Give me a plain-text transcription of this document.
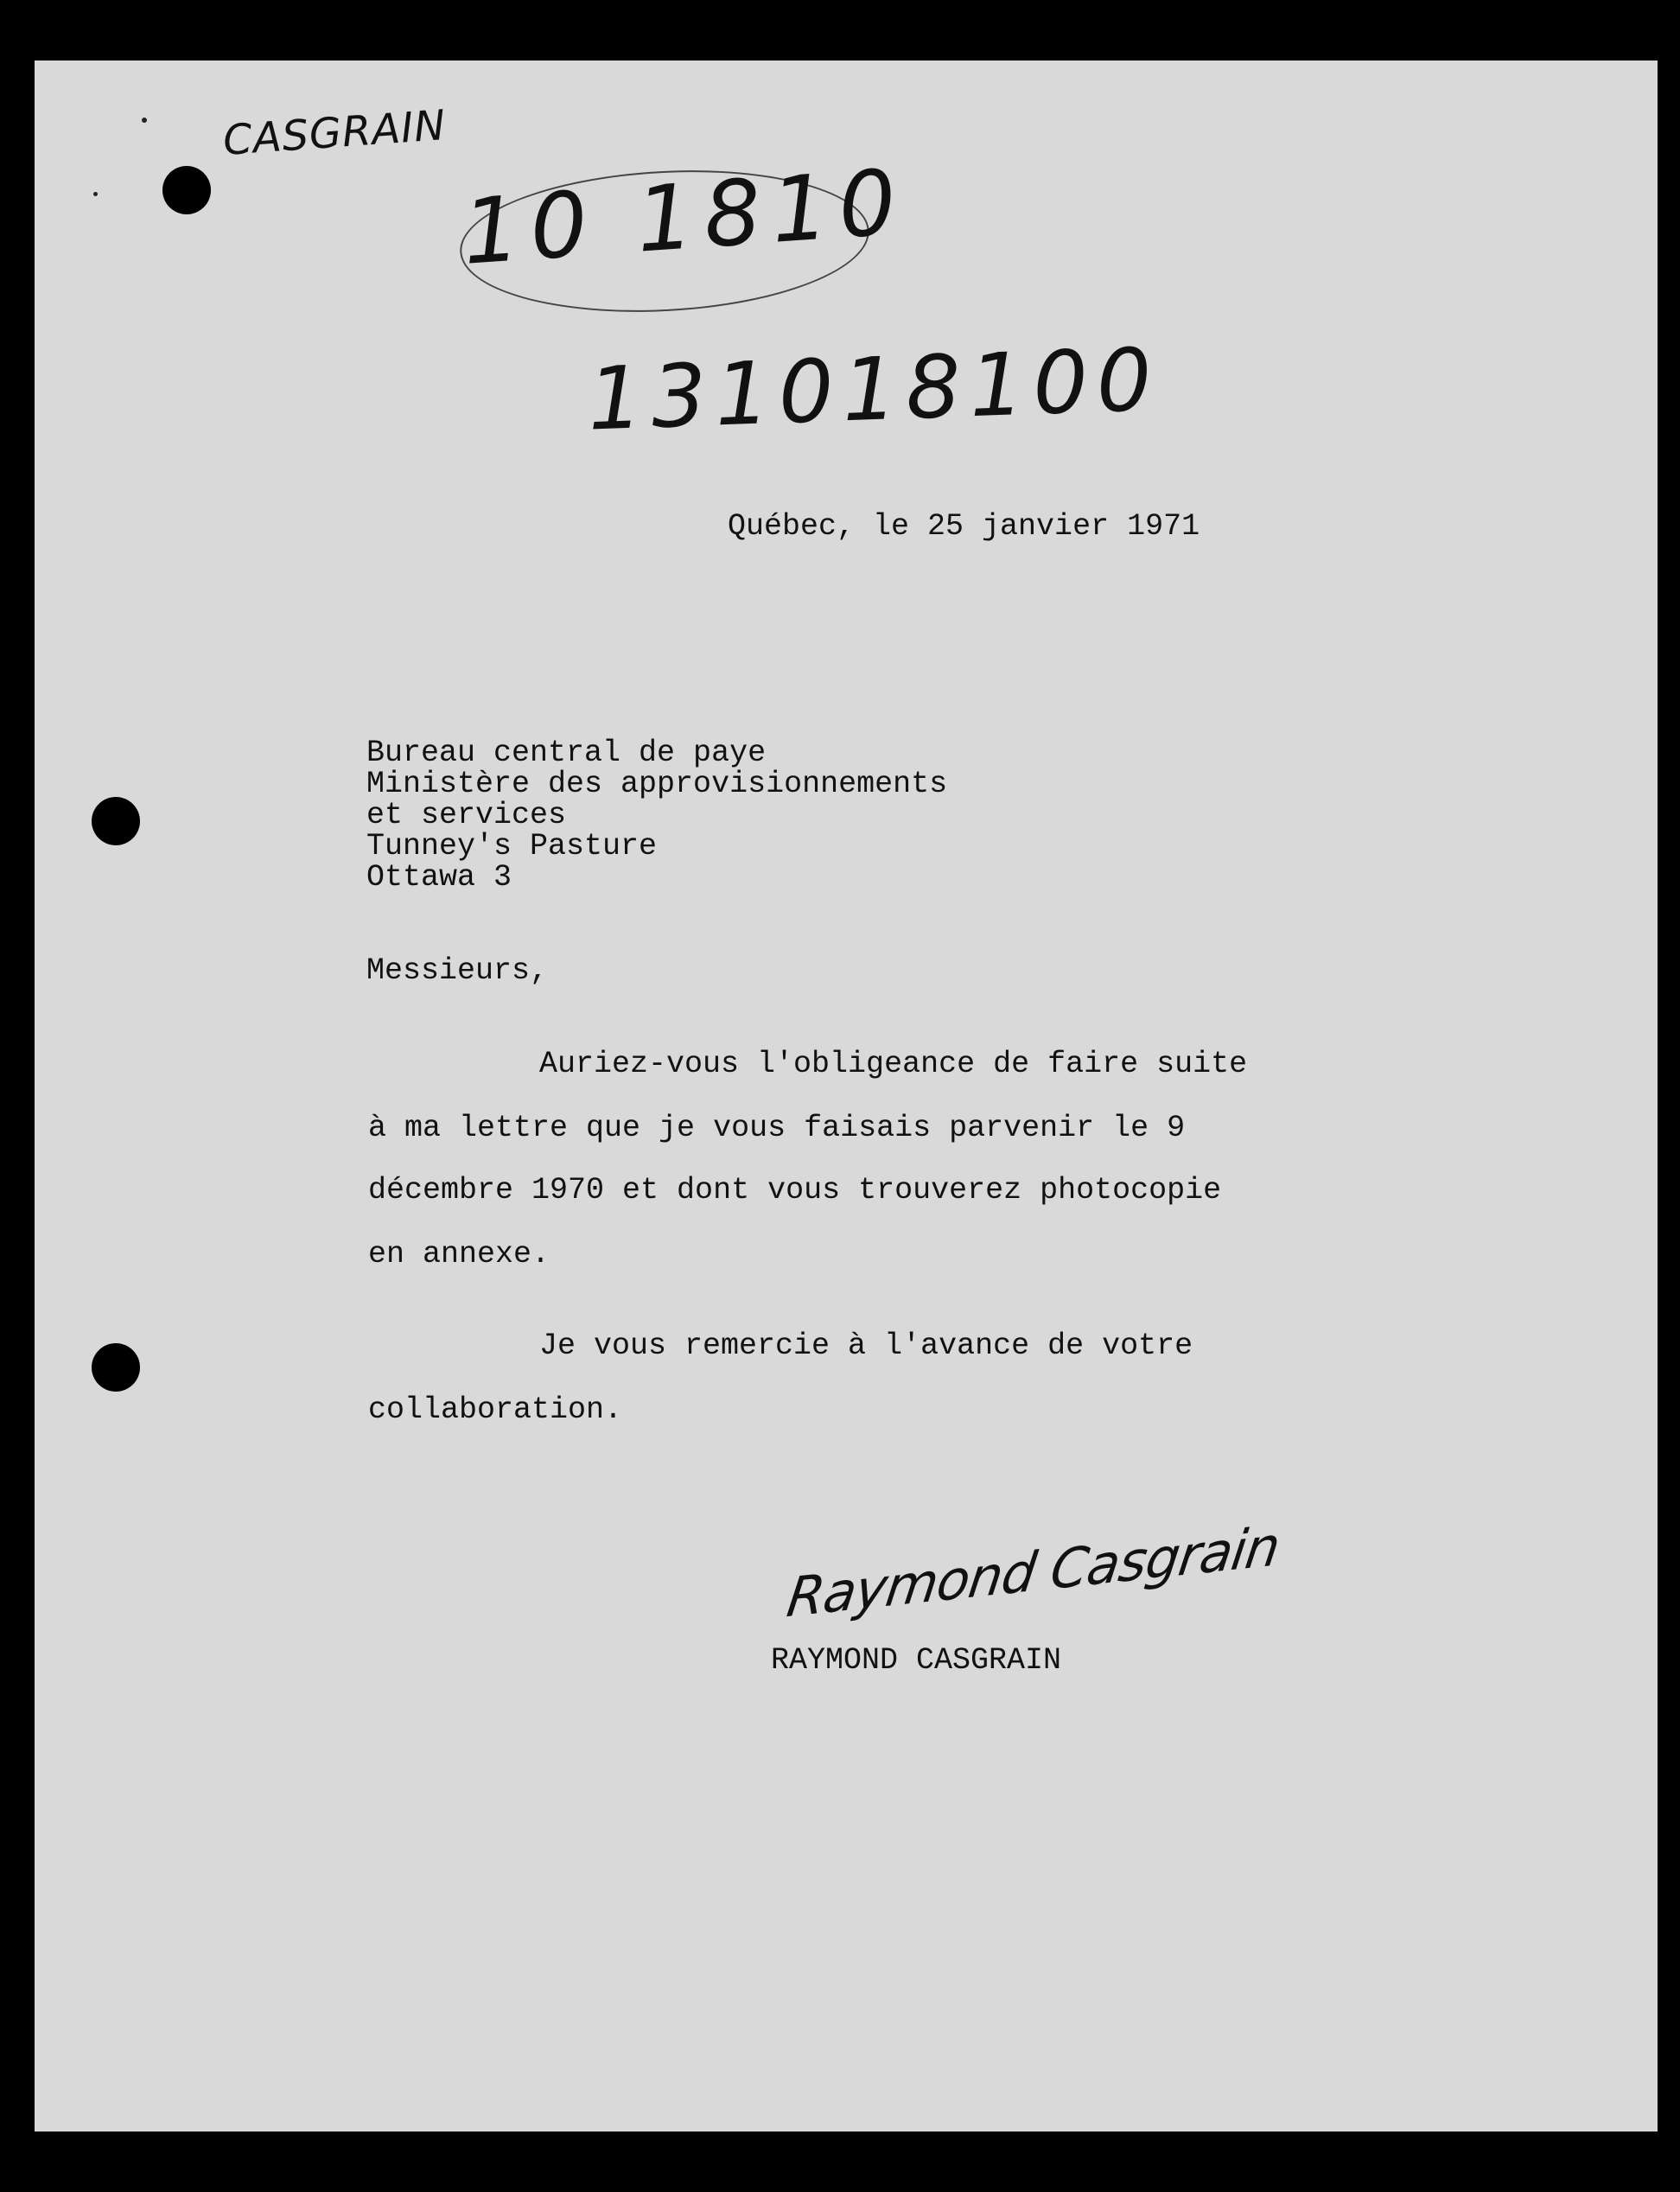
CASGRAIN
10 1810
131018100
Québec, le 25 janvier 1971
Bureau central de paye
Ministère des approvisionnements
et services
Tunney's Pasture
Ottawa 3
Messieurs,
Auriez-vous l'obligeance de faire suite
à ma lettre que je vous faisais parvenir le 9
décembre 1970 et dont vous trouverez photocopie
en annexe.
Je vous remercie à l'avance de votre
collaboration.
Raymond Casgrain
RAYMOND CASGRAIN
